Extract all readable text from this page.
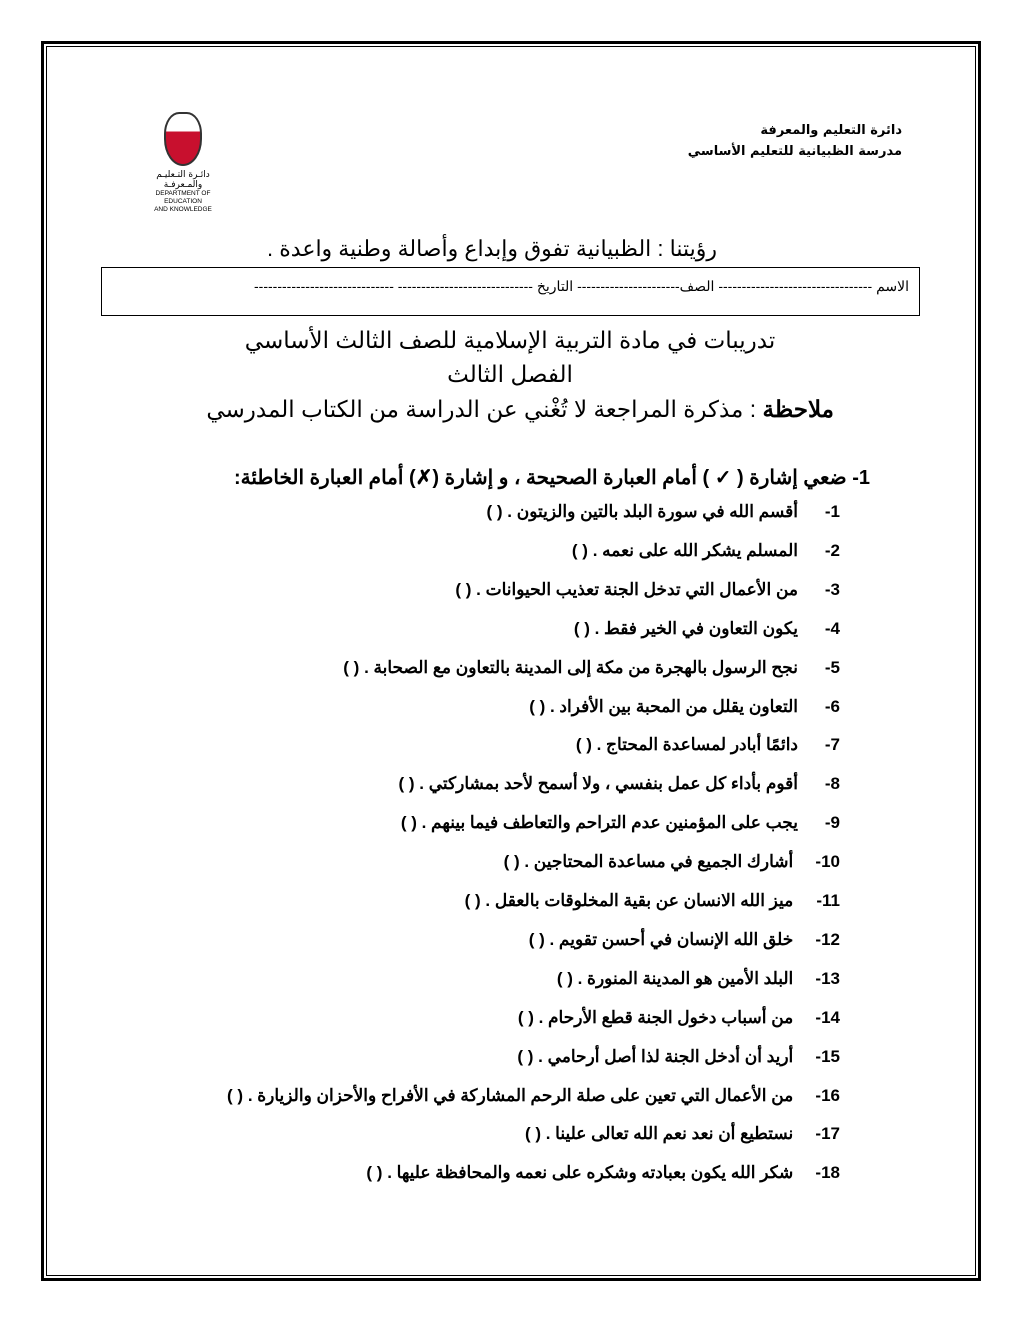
دائـرة التـعليـم والمـعرفـة
DEPARTMENT OF EDUCATION
AND KNOWLEDGE
دائرة التعليم والمعرفة
مدرسة الظبيانية للتعليم الأساسي
رؤيتنا : الظبيانية تفوق وإبداع وأصالة وطنية واعدة .
الاسم --------------------------------- الصف---------------------- التاريخ ----------------------------- ------------------------------
تدريبات في مادة التربية الإسلامية للصف الثالث الأساسي
الفصل الثالث
ملاحظة : مذكرة المراجعة لا تُغْني عن الدراسة من الكتاب المدرسي
1- ضعي إشارة ( ✓ ) أمام العبارة الصحيحة ، و إشارة (✗) أمام العبارة الخاطئة:
1-أقسم الله في سورة البلد بالتين والزيتون . ( )
2-المسلم يشكر الله على نعمه . ( )
3-من الأعمال التي تدخل الجنة تعذيب الحيوانات . ( )
4-يكون التعاون في الخير فقط . ( )
5-نجح الرسول بالهجرة من مكة إلى المدينة بالتعاون مع الصحابة . ( )
6-التعاون يقلل من المحبة بين الأفراد . ( )
7-دائمًا أبادر لمساعدة المحتاج . ( )
8-أقوم بأداء كل عمل بنفسي ، ولا أسمح لأحد بمشاركتي . ( )
9-يجب على المؤمنين عدم التراحم والتعاطف فيما بينهم . ( )
10- أشارك الجميع في مساعدة المحتاجين . ( )
11- ميز الله الانسان عن بقية المخلوقات بالعقل . ( )
12- خلق الله الإنسان في أحسن تقويم . ( )
13- البلد الأمين هو المدينة المنورة . ( )
14- من أسباب دخول الجنة قطع الأرحام . ( )
15- أريد أن أدخل الجنة لذا أصل أرحامي . ( )
16- من الأعمال التي تعين على صلة الرحم المشاركة في الأفراح والأحزان والزيارة . ( )
17- نستطيع أن نعد نعم الله تعالى علينا . ( )
18- شكر الله يكون بعبادته وشكره على نعمه والمحافظة عليها . ( )
